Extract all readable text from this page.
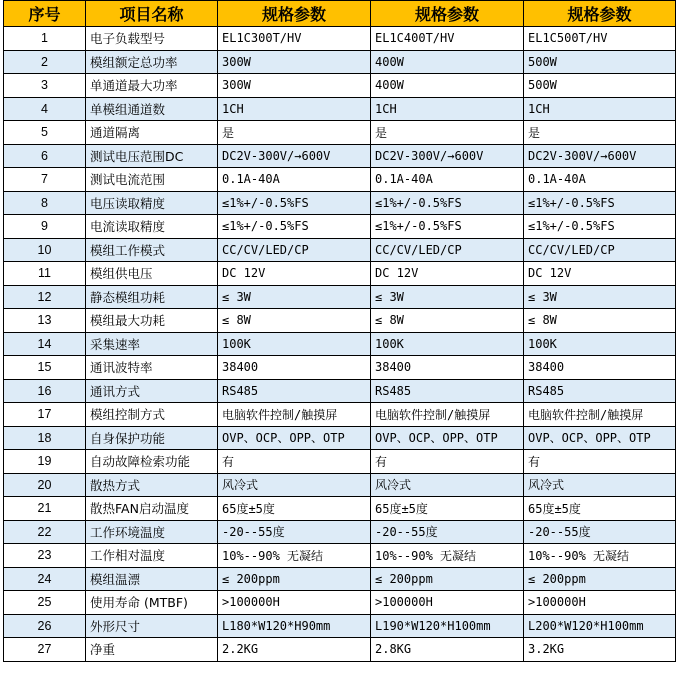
序号	项目名称	规格参数	规格参数	规格参数
1	电子负载型号	EL1C300T/HV	EL1C400T/HV	EL1C500T/HV
2	模组额定总功率	300W	400W	500W
3	单通道最大功率	300W	400W	500W
4	单模组通道数	1CH	1CH	1CH
5	通道隔离	是	是	是
6	测试电压范围DC	DC2V-300V/→600V	DC2V-300V/→600V	DC2V-300V/→600V
7	测试电流范围	0.1A-40A	0.1A-40A	0.1A-40A
8	电压读取精度	≤1%+/-0.5%FS	≤1%+/-0.5%FS	≤1%+/-0.5%FS
9	电流读取精度	≤1%+/-0.5%FS	≤1%+/-0.5%FS	≤1%+/-0.5%FS
10	模组工作模式	CC/CV/LED/CP	CC/CV/LED/CP	CC/CV/LED/CP
11	模组供电压	DC 12V	DC 12V	DC 12V
12	静态模组功耗	≤ 3W	≤ 3W	≤ 3W
13	模组最大功耗	≤ 8W	≤ 8W	≤ 8W
14	采集速率	100K	100K	100K
15	通讯波特率	38400	38400	38400
16	通讯方式	RS485	RS485	RS485
17	模组控制方式	电脑软件控制/触摸屏	电脑软件控制/触摸屏	电脑软件控制/触摸屏
18	自身保护功能	OVP、OCP、OPP、OTP	OVP、OCP、OPP、OTP	OVP、OCP、OPP、OTP
19	自动故障检索功能	有	有	有
20	散热方式	风冷式	风冷式	风冷式
21	散热FAN启动温度	65度±5度	65度±5度	65度±5度
22	工作环境温度	-20--55度	-20--55度	-20--55度
23	工作相对温度	10%--90% 无凝结	10%--90% 无凝结	10%--90% 无凝结
24	模组温漂	≤ 200ppm	≤ 200ppm	≤ 200ppm
25	使用寿命 (MTBF)	>100000H	>100000H	>100000H
26	外形尺寸	L180*W120*H90mm	L190*W120*H100mm	L200*W120*H100mm
27	净重	2.2KG	2.8KG	3.2KG
